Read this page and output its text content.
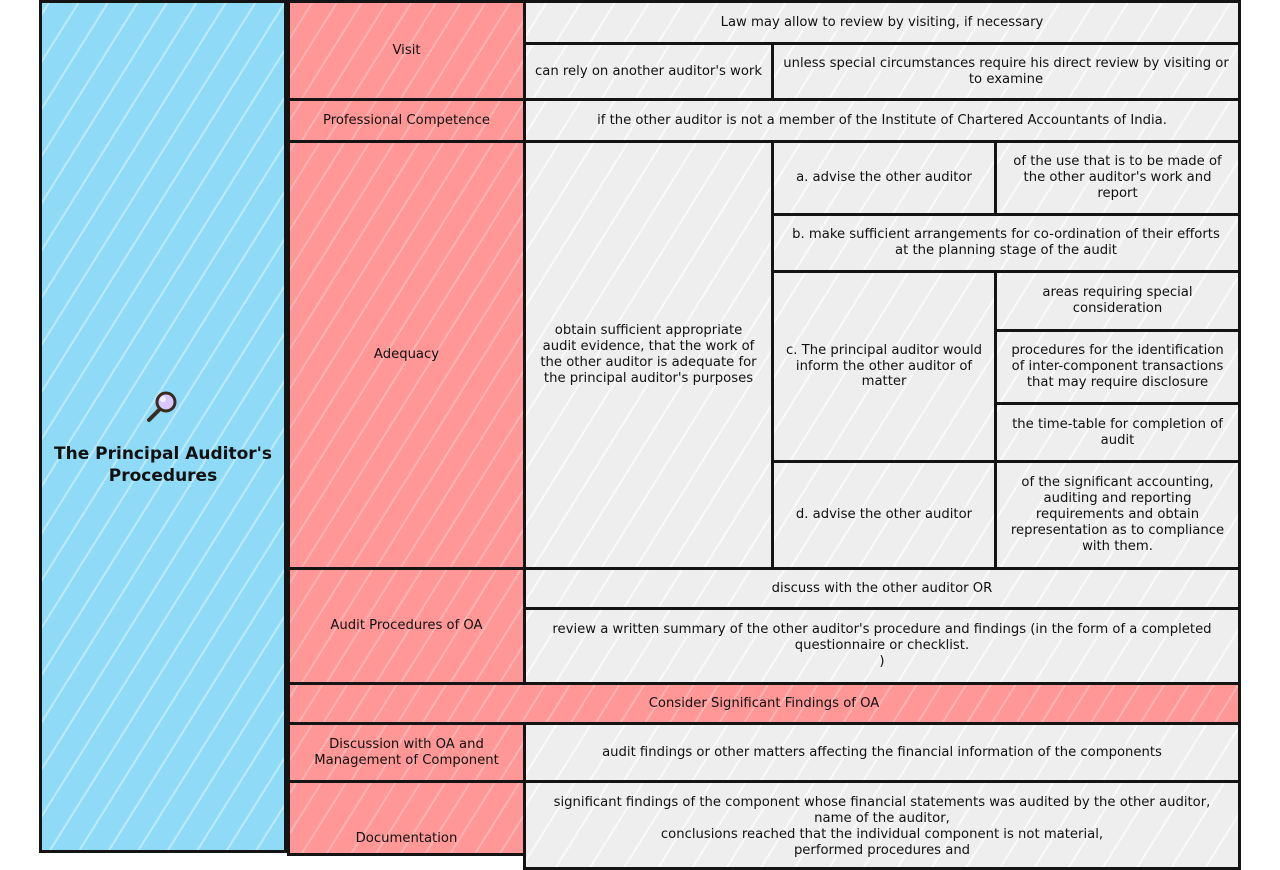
The Principal Auditor's
Procedures
Visit
Professional Competence
Adequacy
Audit Procedures of OA
Consider Significant Findings of OA
Discussion with OA and
Management of Component
Documentation
Law may allow to review by visiting, if necessary
can rely on another auditor's work
unless special circumstances require his direct review by visiting or
to examine
if the other auditor is not a member of the Institute of Chartered Accountants of India.
obtain sufficient appropriate
audit evidence, that the work of
the other auditor is adequate for
the principal auditor's purposes
a. advise the other auditor
of the use that is to be made of
the other auditor's work and
report
b. make sufficient arrangements for co-ordination of their efforts
at the planning stage of the audit
c. The principal auditor would
inform the other auditor of
matter
areas requiring special
consideration
procedures for the identification
of inter-component transactions
that may require disclosure
the time-table for completion of
audit
d. advise the other auditor
of the significant accounting,
auditing and reporting
requirements and obtain
representation as to compliance
with them.
discuss with the other auditor OR
review a written summary of the other auditor's procedure and findings (in the form of a completed
questionnaire or checklist.
)
audit findings or other matters affecting the financial information of the components
significant findings of the component whose financial statements was audited by the other auditor,
name of the auditor,
conclusions reached that the individual component is not material,
performed procedures and
